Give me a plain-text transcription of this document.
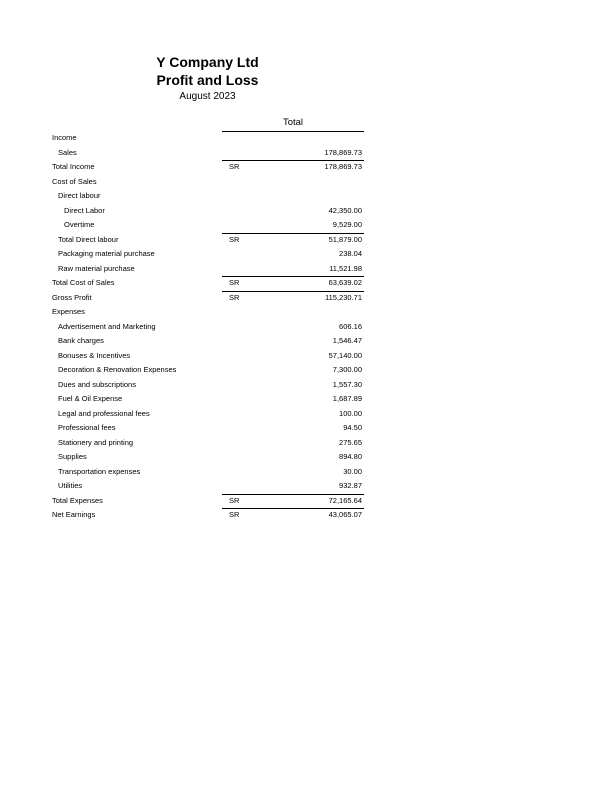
Y Company Ltd
Profit and Loss
August 2023
Total
Income
Sales	178,869.73
Total Income	SR	178,869.73
Cost of Sales
Direct labour
Direct Labor	42,350.00
Overtime	9,529.00
Total Direct labour	SR	51,879.00
Packaging material purchase	238.04
Raw material purchase	11,521.98
Total Cost of Sales	SR	63,639.02
Gross Profit	SR	115,230.71
Expenses
Advertisement and Marketing	606.16
Bank charges	1,546.47
Bonuses & Incentives	57,140.00
Decoration & Renovation Expenses	7,300.00
Dues and subscriptions	1,557.30
Fuel & Oil Expense	1,687.89
Legal and professional fees	100.00
Professional fees	94.50
Stationery and printing	275.65
Supplies	894.80
Transportation expenses	30.00
Utilities	932.87
Total Expenses	SR	72,165.64
Net Earnings	SR	43,065.07
